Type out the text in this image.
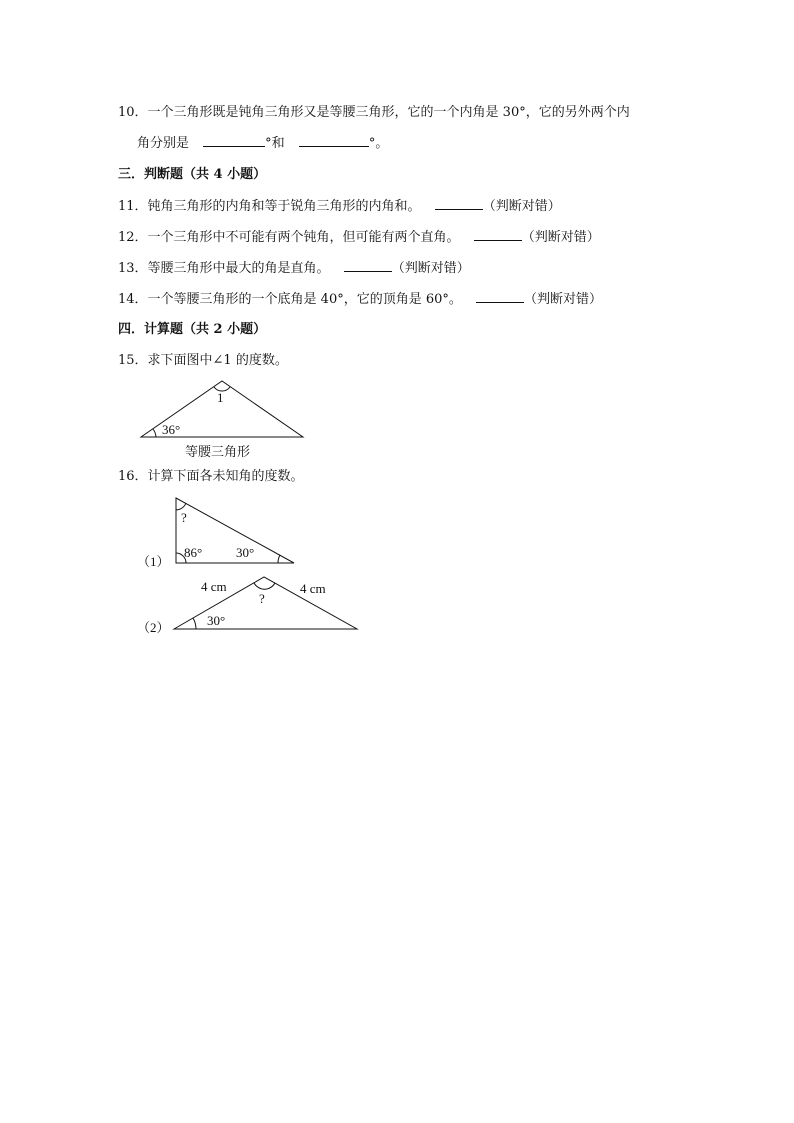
10．一个三角形既是钝角三角形又是等腰三角形，它的一个内角是 30°，它的另外两个内
角分别是	°和	°。
三．判断题（共 4 小题）
11．钝角三角形的内角和等于锐角三角形的内角和。	（判断对错）
12．一个三角形中不可能有两个钝角，但可能有两个直角。	（判断对错）
13．等腰三角形中最大的角是直角。	（判断对错）
14．一个等腰三角形的一个底角是 40°，它的顶角是 60°。	（判断对错）
四．计算题（共 2 小题）
15．求下面图中∠1 的度数。
1
36°
等腰三角形
16．计算下面各未知角的度数。
?
86°	30°
（1）
4 cm	4 cm
?
30°
（2）
